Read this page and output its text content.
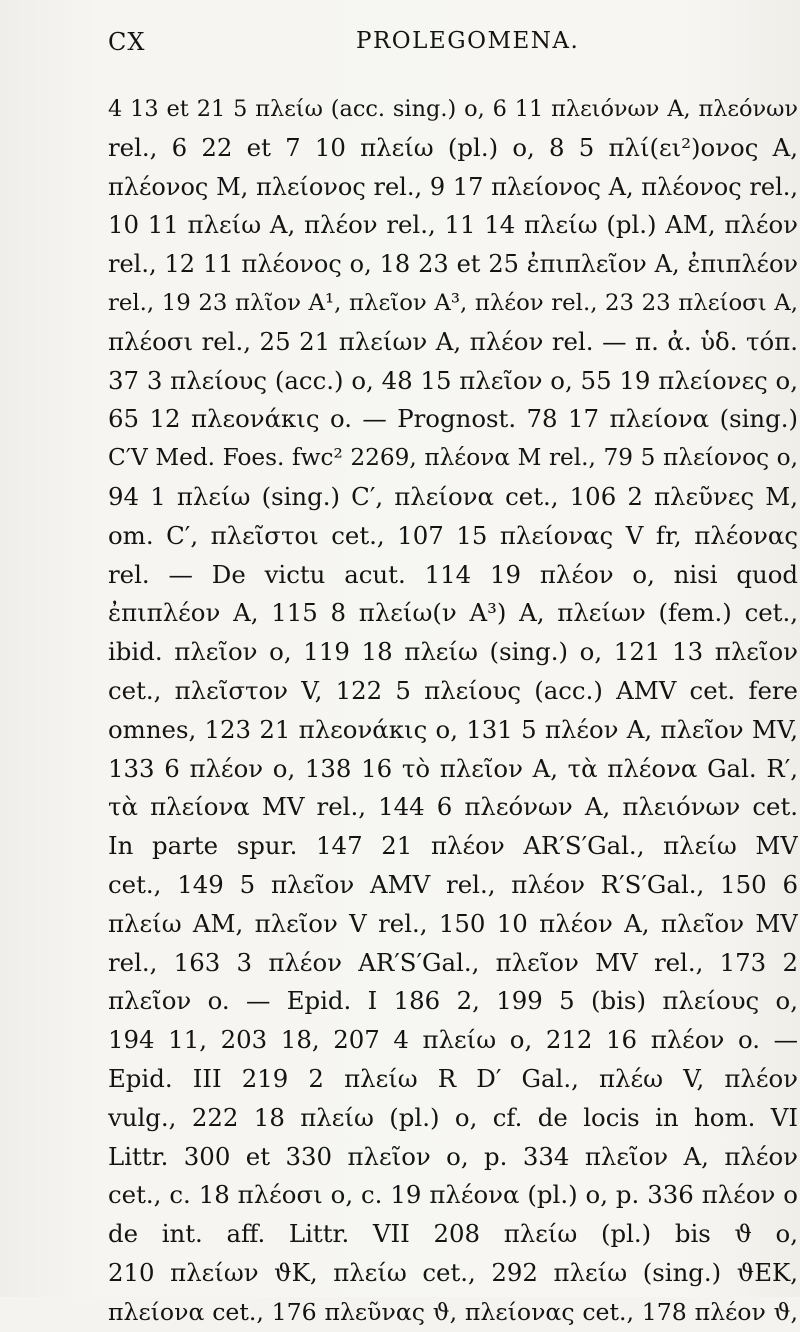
CX	PROLEGOMENA.
4 13 et 21 5 πλείω (acc. sing.) o, 6 11 πλειόνων A, πλεόνων
rel., 6 22 et 7 10 πλείω (pl.) o, 8 5 πλί(ει²)ονος A,
πλέονος M, πλείονος rel., 9 17 πλείονος A, πλέονος rel.,
10 11 πλείω A, πλέον rel., 11 14 πλείω (pl.) AM, πλέον
rel., 12 11 πλέονος o, 18 23 et 25 ἐπιπλεῖον A, ἐπιπλέον
rel., 19 23 πλῖον A¹, πλεῖον A³, πλέον rel., 23 23 πλείοσι A,
πλέοσι rel., 25 21 πλείων A, πλέον rel. — π. ἀ. ὑδ. τόπ.
37 3 πλείους (acc.) o, 48 15 πλεῖον o, 55 19 πλείονες o,
65 12 πλεονάκις o. — Prognost. 78 17 πλείονα (sing.)
C′V Med. Foes. fwc² 2269, πλέονα M rel., 79 5 πλείονος o,
94 1 πλείω (sing.) C′, πλείονα cet., 106 2 πλεῦνες M,
om. C′, πλεῖστοι cet., 107 15 πλείονας V fr, πλέονας
rel. — De victu acut. 114 19 πλέον o, nisi quod
ἐπιπλέον A, 115 8 πλείω(ν A³) A, πλείων (fem.) cet.,
ibid. πλεῖον o, 119 18 πλείω (sing.) o, 121 13 πλεῖον
cet., πλεῖστον V, 122 5 πλείους (acc.) AMV cet. fere
omnes, 123 21 πλεονάκις o, 131 5 πλέον A, πλεῖον MV,
133 6 πλέον o, 138 16 τὸ πλεῖον A, τὰ πλέονα Gal. R′,
τὰ πλείονα MV rel., 144 6 πλεόνων A, πλειόνων cet.
In parte spur. 147 21 πλέον AR′S′Gal., πλείω MV
cet., 149 5 πλεῖον AMV rel., πλέον R′S′Gal., 150 6
πλείω AM, πλεῖον V rel., 150 10 πλέον A, πλεῖον MV
rel., 163 3 πλέον AR′S′Gal., πλεῖον MV rel., 173 2
πλεῖον o. — Epid. I 186 2, 199 5 (bis) πλείους o,
194 11, 203 18, 207 4 πλείω o, 212 16 πλέον o. —
Epid. III 219 2 πλείω R D′ Gal., πλέω V, πλέον
vulg., 222 18 πλείω (pl.) o, cf. de locis in hom. VI
Littr. 300 et 330 πλεῖον o, p. 334 πλεῖον A, πλέον
cet., c. 18 πλέοσι o, c. 19 πλέονα (pl.) o, p. 336 πλέον o
de int. aff. Littr. VII 208 πλείω (pl.) bis ϑ o,
210 πλείων ϑK, πλείω cet., 292 πλείω (sing.) ϑEK,
πλείονα cet., 176 πλεῦνας ϑ, πλείονας cet., 178 πλέον ϑ,
